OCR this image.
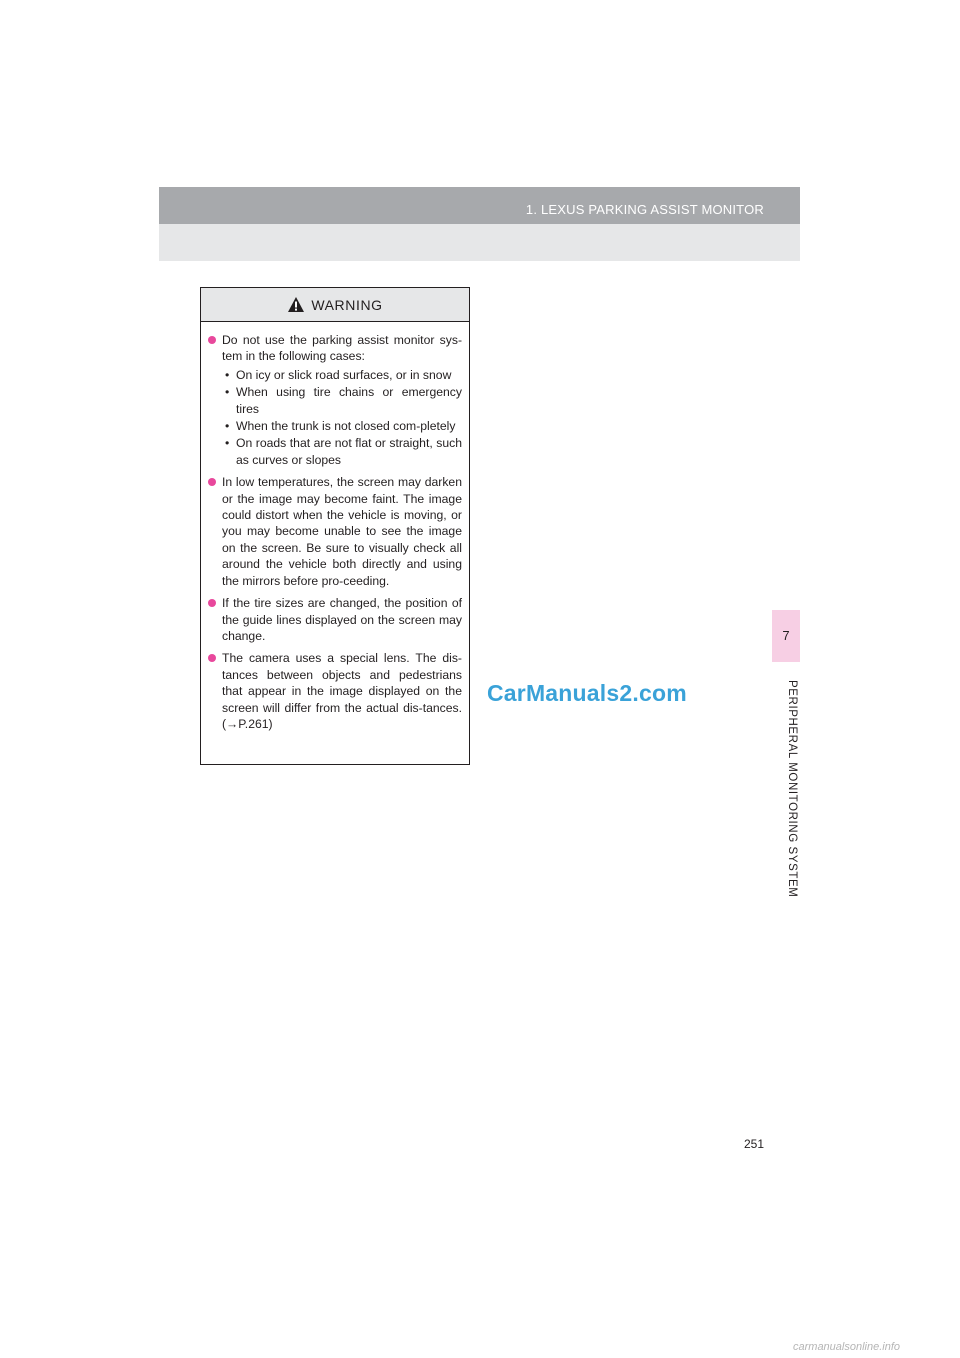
1. LEXUS PARKING ASSIST MONITOR
7
PERIPHERAL MONITORING SYSTEM
WARNING
Do not use the parking assist monitor sys-tem in the following cases:
• On icy or slick road surfaces, or in snow
• When using tire chains or emergency tires
• When the trunk is not closed com-pletely
• On roads that are not flat or straight, such as curves or slopes
In low temperatures, the screen may darken or the image may become faint. The image could distort when the vehicle is moving, or you may become unable to see the image on the screen. Be sure to visually check all around the vehicle both directly and using the mirrors before pro-ceeding.
If the tire sizes are changed, the position of the guide lines displayed on the screen may change.
The camera uses a special lens. The dis-tances between objects and pedestrians that appear in the image displayed on the screen will differ from the actual dis-tances. (→P.261)
CarManuals2.com
251
carmanualsonline.info
